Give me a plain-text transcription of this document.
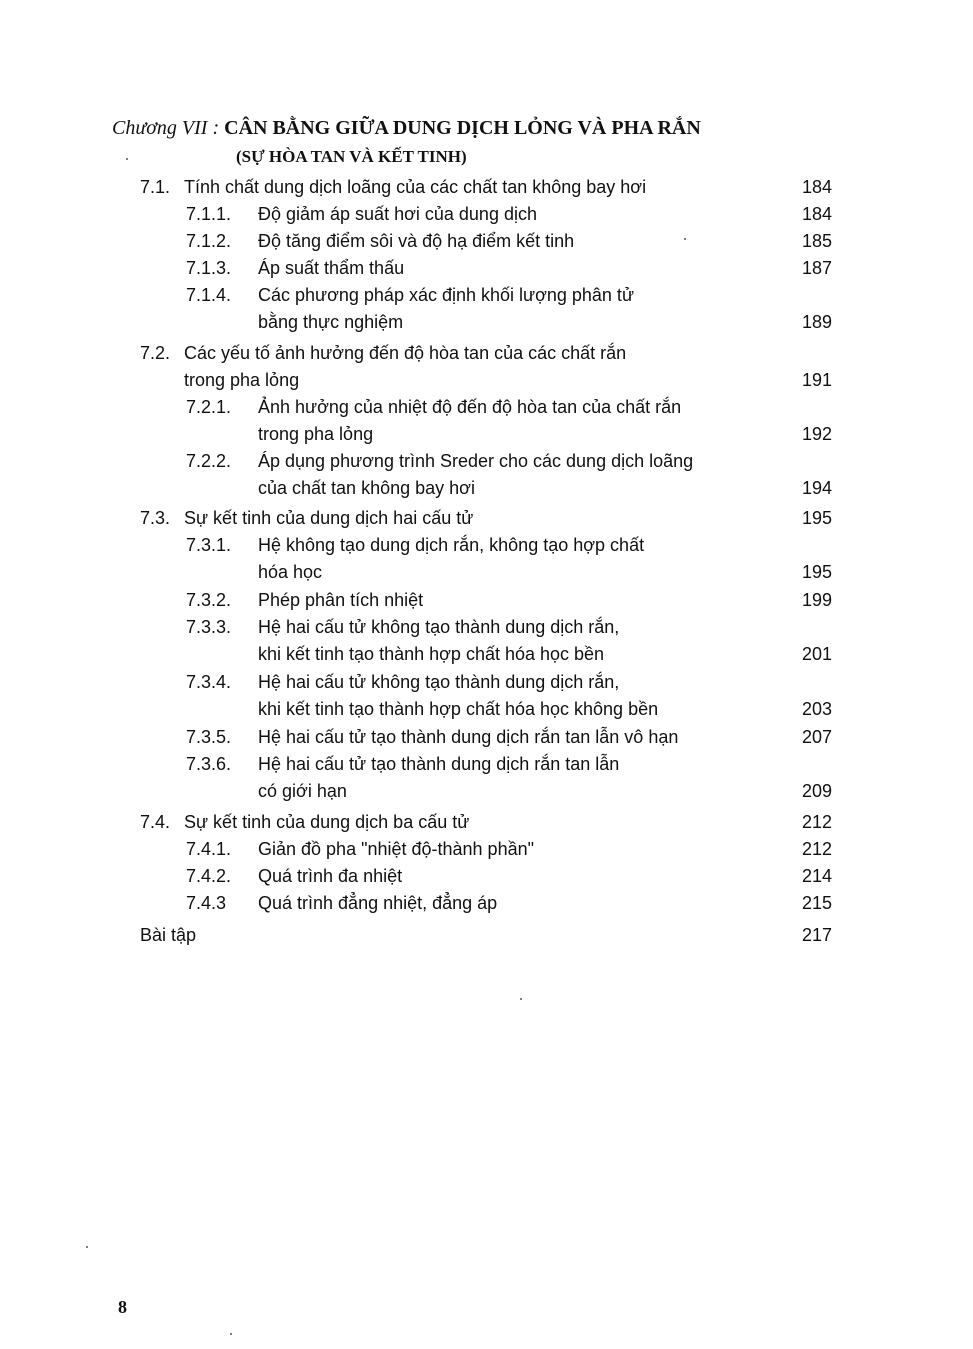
Chương VII : CÂN BẰNG GIỮA DUNG DỊCH LỎNG VÀ PHA RẮN
(SỰ HÒA TAN VÀ KẾT TINH)
7.1. Tính chất dung dịch loãng của các chất tan không bay hơi	184
7.1.1. Độ giảm áp suất hơi của dung dịch	184
7.1.2. Độ tăng điểm sôi và độ hạ điểm kết tinh	185
7.1.3. Áp suất thẩm thấu	187
7.1.4. Các phương pháp xác định khối lượng phân tử
bằng thực nghiệm	189
7.2. Các yếu tố ảnh hưởng đến độ hòa tan của các chất rắn
trong pha lỏng	191
7.2.1. Ảnh hưởng của nhiệt độ đến độ hòa tan của chất rắn
trong pha lỏng	192
7.2.2. Áp dụng phương trình Sreder cho các dung dịch loãng
của chất tan không bay hơi	194
7.3. Sự kết tinh của dung dịch hai cấu tử	195
7.3.1. Hệ không tạo dung dịch rắn, không tạo hợp chất
hóa học	195
7.3.2. Phép phân tích nhiệt	199
7.3.3. Hệ hai cấu tử không tạo thành dung dịch rắn,
khi kết tinh tạo thành hợp chất hóa học bền	201
7.3.4. Hệ hai cấu tử không tạo thành dung dịch rắn,
khi kết tinh tạo thành hợp chất hóa học không bền	203
7.3.5. Hệ hai cấu tử tạo thành dung dịch rắn tan lẫn vô hạn	207
7.3.6. Hệ hai cấu tử tạo thành dung dịch rắn tan lẫn
có giới hạn	209
7.4. Sự kết tinh của dung dịch ba cấu tử	212
7.4.1. Giản đồ pha "nhiệt độ-thành phần"	212
7.4.2. Quá trình đa nhiệt	214
7.4.3 Quá trình đẳng nhiệt, đẳng áp	215
Bài tập	217
8
